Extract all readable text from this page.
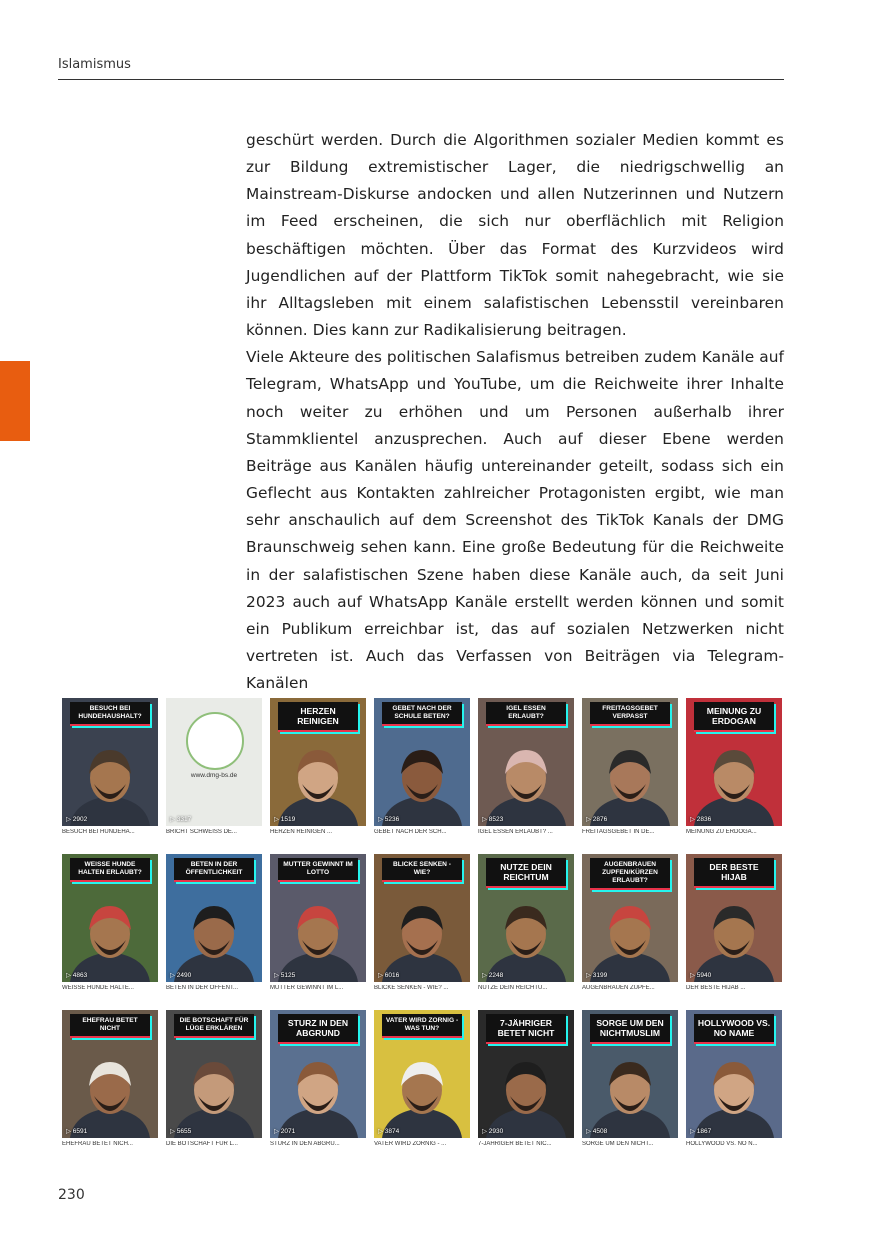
Islamismus

geschürt werden. Durch die Algorithmen sozialer Medien kommt es zur Bildung extremistischer Lager, die niedrigschwellig an Mainstream-Diskurse andocken und allen Nutzerinnen und Nutzern im Feed erscheinen, die sich nur oberflächlich mit Religion beschäftigen möchten. Über das Format des Kurzvideos wird Jugendlichen auf der Plattform TikTok somit nahegebracht, wie sie ihr Alltagsleben mit einem salafistischen Lebensstil vereinbaren können. Dies kann zur Radikalisierung beitragen.

Viele Akteure des politischen Salafismus betreiben zudem Kanäle auf Telegram, WhatsApp und YouTube, um die Reichweite ihrer Inhalte noch weiter zu erhöhen und um Personen außerhalb ihrer Stammklientel anzusprechen. Auch auf dieser Ebene werden Beiträge aus Kanälen häufig untereinander geteilt, sodass sich ein Geflecht aus Kontakten zahlreicher Protagonisten ergibt, wie man sehr anschaulich auf dem Screenshot des TikTok Kanals der DMG Braunschweig sehen kann. Eine große Bedeutung für die Reichweite in der salafistischen Szene haben diese Kanäle auch, da seit Juni 2023 auch auf WhatsApp Kanäle erstellt werden können und somit ein Publikum erreichbar ist, das auf sozialen Netzwerken nicht vertreten ist. Auch das Verfassen von Beiträgen via Telegram-Kanälen

BESUCH BEI HUNDEHAUSHALT?
▷ 2902
BESUCH BEI HUNDEHA...
www.dmg-bs.de
▷ 3317
BRICHT SCHWEISS DE...
HERZEN REINIGEN
▷ 1519
HERZEN REINIGEN ...
GEBET NACH DER SCHULE BETEN?
▷ 5236
GEBET NACH DER SCH...
IGEL ESSEN ERLAUBT?
▷ 8523
IGEL ESSEN ERLAUBT? ...
FREITAGSGEBET VERPASST
▷ 2876
FREITAGSGEBET IN DE...
MEINUNG ZU ERDOGAN
▷ 2836
MEINUNG ZU ERDOGA...
WEISSE HUNDE HALTEN ERLAUBT?
▷ 4863
WEISSE HUNDE HALTE...
BETEN IN DER ÖFFENTLICHKEIT
▷ 2490
BETEN IN DER ÖFFENT...
MUTTER GEWINNT IM LOTTO
▷ 5125
MUTTER GEWINNT IM L...
BLICKE SENKEN - WIE?
▷ 6016
BLICKE SENKEN - WIE? ...
NUTZE DEIN REICHTUM
▷ 2248
NUTZE DEIN REICHTU...
AUGENBRAUEN ZUPFEN/KÜRZEN ERLAUBT?
▷ 3199
AUGENBRAUEN ZUPFE...
DER BESTE HIJAB
▷ 5940
DER BESTE HIJAB ...
EHEFRAU BETET NICHT
▷ 6591
EHEFRAU BETET NICH...
DIE BOTSCHAFT FÜR LÜGE ERKLÄREN
▷ 5655
DIE BOTSCHAFT FÜR L...
STURZ IN DEN ABGRUND
▷ 2071
STURZ IN DEN ABGRU...
VATER WIRD ZORNIG - WAS TUN?
▷ 3874
VATER WIRD ZORNIG - ...
7-JÄHRIGER BETET NICHT
▷ 2930
7-JÄHRIGER BETET NIC...
SORGE UM DEN NICHTMUSLIM
▷ 4508
SORGE UM DEN NICHT...
HOLLYWOOD VS. NO NAME
▷ 1867
HOLLYWOOD VS. NO N...
230
